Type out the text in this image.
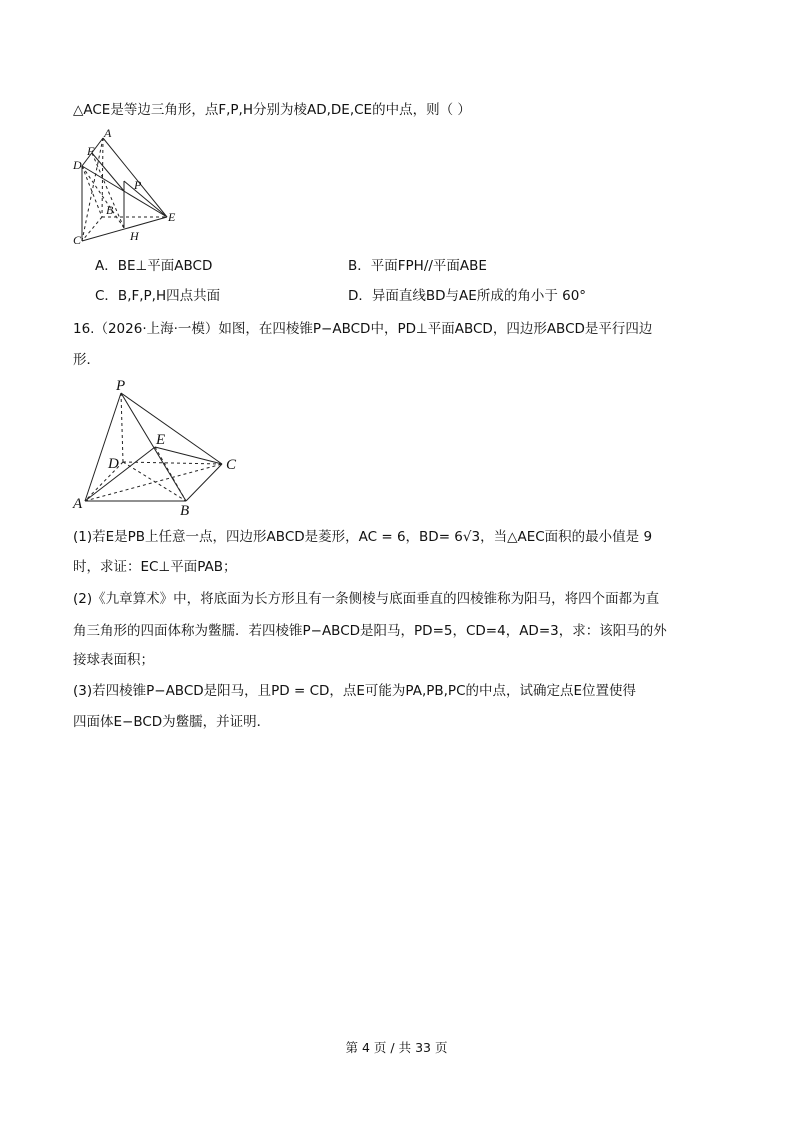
△ACE是等边三角形，点F,P,H分别为棱AD,DE,CE的中点，则（ ）
A
F
D
P
B	E
H
C
P
E
D	C
A	B
A．BE⊥平面ABCD	B．平面FPH//平面ABE
C．B,F,P,H四点共面	D．异面直线BD与AE所成的角小于 60°
16.（2026·上海·一模）如图，在四棱锥P−ABCD中，PD⊥平面ABCD，四边形ABCD是平行四边
形．
(1)若E是PB上任意一点，四边形ABCD是菱形，AC = 6，BD= 6√3，当△AEC面积的最小值是 9
时，求证：EC⊥平面PAB；
(2)《九章算术》中，将底面为长方形且有一条侧棱与底面垂直的四棱锥称为阳马，将四个面都为直
角三角形的四面体称为鳖臑．若四棱锥P−ABCD是阳马，PD=5，CD=4，AD=3，求：该阳马的外
接球表面积；
(3)若四棱锥P−ABCD是阳马，且PD = CD，点E可能为PA,PB,PC的中点，试确定点E位置使得
四面体E−BCD为鳖臑，并证明．
第 4 页 / 共 33 页
